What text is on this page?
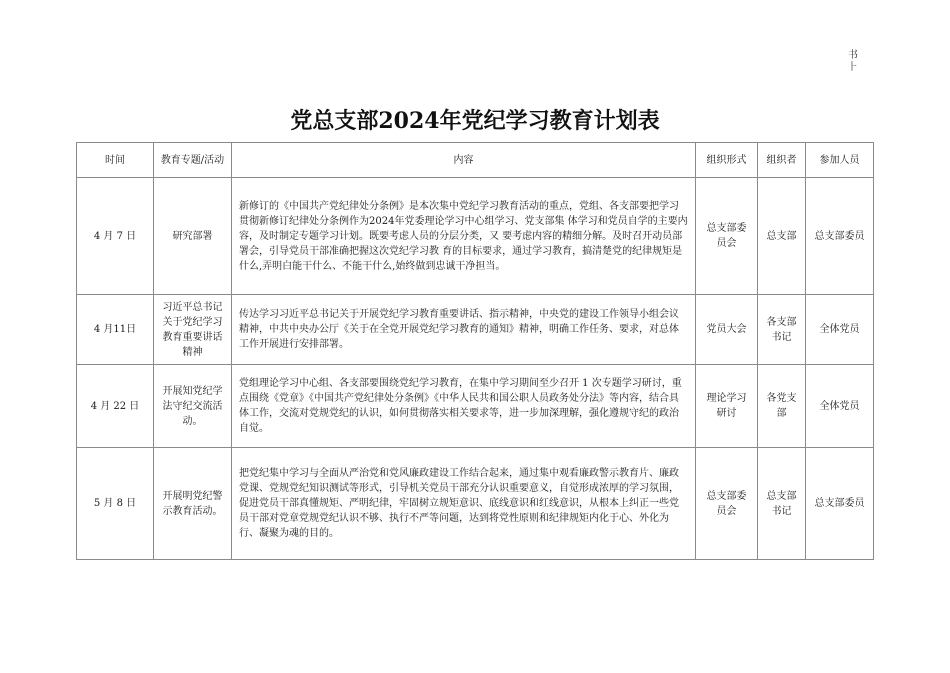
书
⺊
党总支部2024年党纪学习教育计划表
时间	教育专题/活动	内容	组织形式	组织者	参加人员
4 月 7 日	研究部署	新修订的《中国共产党纪律处分条例》是本次集中党纪学习教育活动的重点，党组、各支部要把学习贯彻新修订纪律处分条例作为2024年党委理论学习中心组学习、党支部集 体学习和党员自学的主要内容，及时制定专题学习计划。既要考虑人员的分层分类，又 要考虑内容的精细分解。及时召开动员部署会，引导党员干部准确把握这次党纪学习教 育的目标要求，通过学习教育，搞清楚党的纪律规矩是什么,弄明白能干什么、不能干什么,始终做到忠诚干净担当。	总支部委员会	总支部	总支部委员
4 月11日	习近平总书记关于党纪学习教育重要讲话精神	传达学习习近平总书记关于开展党纪学习教育重要讲话、指示精神，中央党的建设工作领导小组会议精神，中共中央办公厅《关于在全党开展党纪学习教育的通知》精神，明确工作任务、要求，对总体工作开展进行安排部署。	党员大会	各支部书记	全体党员
4 月 22 日	开展知党纪学法守纪交流活动。	党组理论学习中心组、各支部要围绕党纪学习教育，在集中学习期间至少召开 1 次专题学习研讨，重点围绕《党章》《中国共产党纪律处分条例》《中华人民共和国公职人员政务处分法》等内容，结合具体工作，交流对党规党纪的认识，如何贯彻落实相关要求等，进一步加深理解，强化遵规守纪的政治自觉。	理论学习研讨	各党支部	全体党员
5 月 8 日	开展明党纪警示教育活动。	把党纪集中学习与全面从严治党和党风廉政建设工作结合起来，通过集中观看廉政警示教育片、廉政党课、党规党纪知识测试等形式，引导机关党员干部充分认识重要意义，自觉形成浓厚的学习氛围，促进党员干部真懂规矩、严明纪律，牢固树立规矩意识、底线意识和红线意识，从根本上纠正一些党员干部对党章党规党纪认识不够、执行不严等问题，达到将党性原则和纪律规矩内化于心、外化为行、凝聚为魂的目的。	总支部委员会	总支部书记	总支部委员
